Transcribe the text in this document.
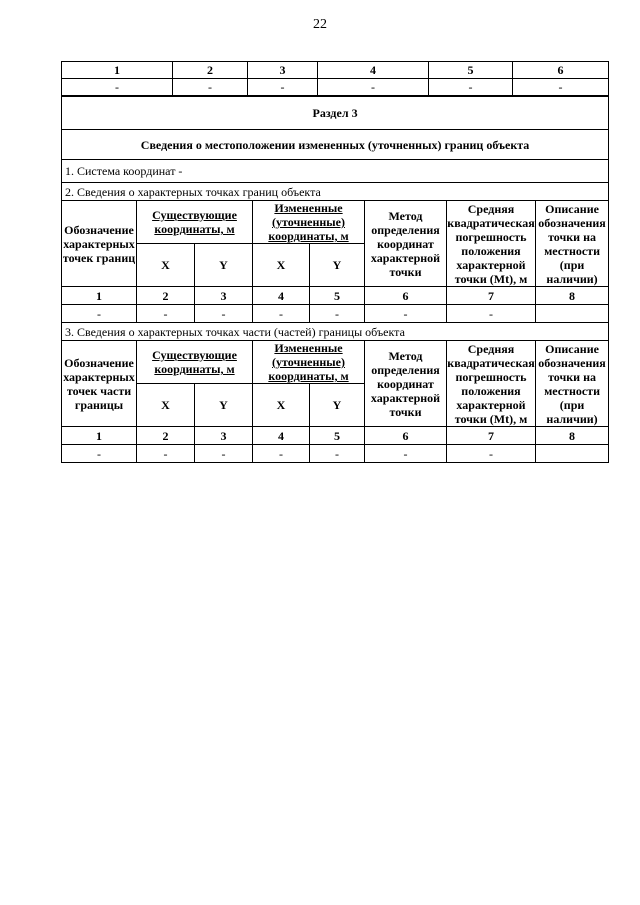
22
1	2	3	4	5	6
-	-	-	-	-	-
Раздел 3							
Сведения о местоположении измененных (уточненных) границ объекта							
1. Система координат -							
2. Сведения о характерных точках границ объекта							
Обозначение характерных точек границ	Существующие координаты, м		Измененные (уточненные) координаты, м		Метод определения координат характерной точки	Средняя квадратическая погрешность положения характерной точки (Mt), м	Описание обозначения точки на местности (при наличии)
	X	Y	X	Y			
1	2	3	4	5	6	7	8
-	-	-	-	-	-	-	
3. Сведения о характерных точках части (частей) границы объекта							
Обозначение характерных точек части границы	Существующие координаты, м		Измененные (уточненные) координаты, м		Метод определения координат характерной точки	Средняя квадратическая погрешность положения характерной точки (Mt), м	Описание обозначения точки на местности (при наличии)
	X	Y	X	Y			
1	2	3	4	5	6	7	8
-	-	-	-	-	-	-	
